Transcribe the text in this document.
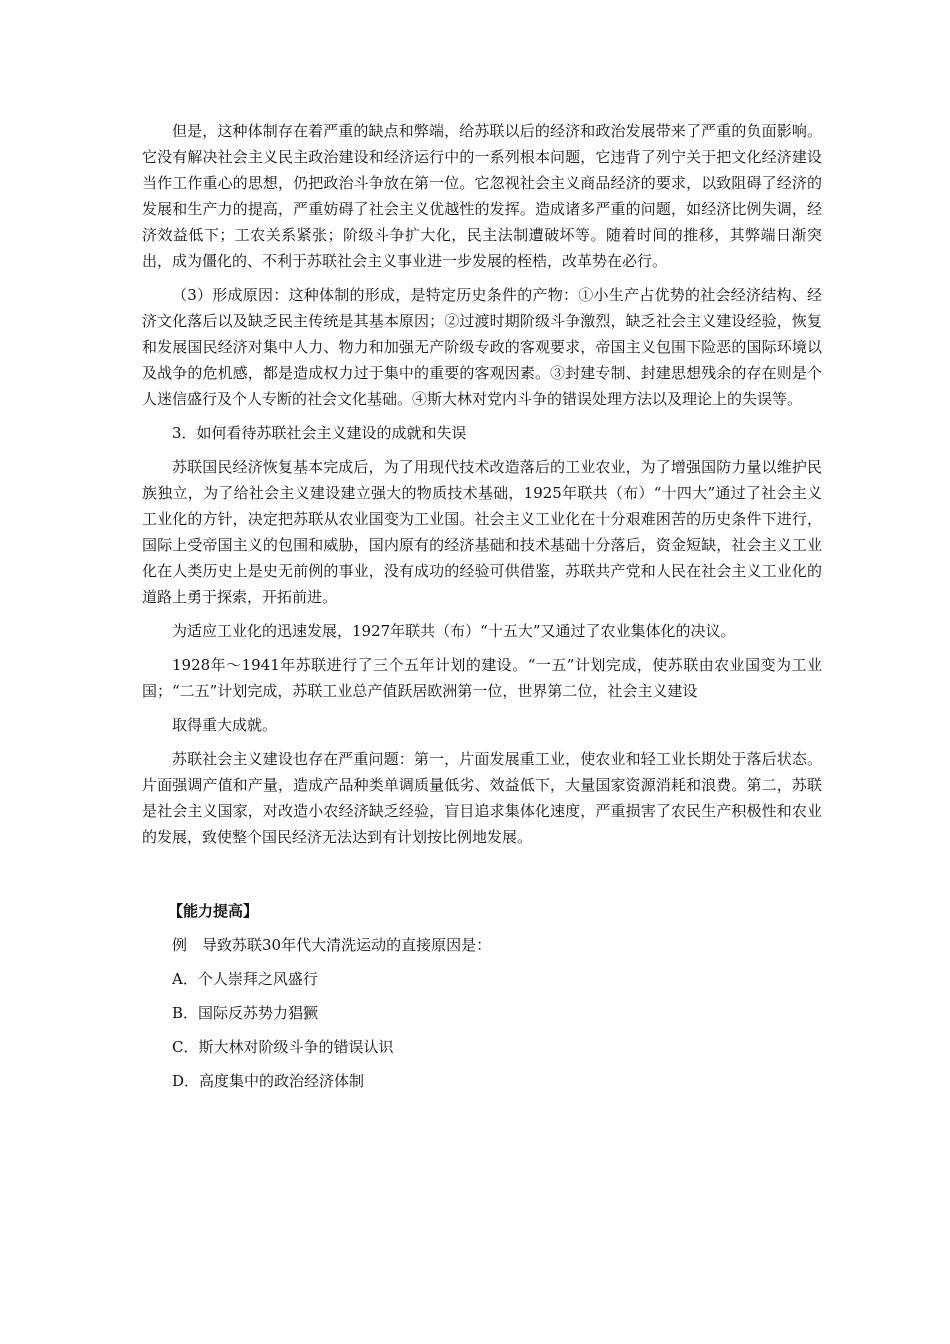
但是，这种体制存在着严重的缺点和弊端，给苏联以后的经济和政治发展带来了严重的负面影响。它没有解决社会主义民主政治建设和经济运行中的一系列根本问题，它违背了列宁关于把文化经济建设当作工作重心的思想，仍把政治斗争放在第一位。它忽视社会主义商品经济的要求，以致阻碍了经济的发展和生产力的提高，严重妨碍了社会主义优越性的发挥。造成诸多严重的问题，如经济比例失调，经济效益低下；工农关系紧张；阶级斗争扩大化，民主法制遭破坏等。随着时间的推移，其弊端日渐突出，成为僵化的、不利于苏联社会主义事业进一步发展的桎梏，改革势在必行。

（3）形成原因：这种体制的形成，是特定历史条件的产物：①小生产占优势的社会经济结构、经济文化落后以及缺乏民主传统是其基本原因；②过渡时期阶级斗争激烈，缺乏社会主义建设经验，恢复和发展国民经济对集中人力、物力和加强无产阶级专政的客观要求，帝国主义包围下险恶的国际环境以及战争的危机感，都是造成权力过于集中的重要的客观因素。③封建专制、封建思想残余的存在则是个人迷信盛行及个人专断的社会文化基础。④斯大林对党内斗争的错误处理方法以及理论上的失误等。

3．如何看待苏联社会主义建设的成就和失误

苏联国民经济恢复基本完成后，为了用现代技术改造落后的工业农业，为了增强国防力量以维护民族独立，为了给社会主义建设建立强大的物质技术基础，1925年联共（布）“十四大”通过了社会主义工业化的方针，决定把苏联从农业国变为工业国。社会主义工业化在十分艰难困苦的历史条件下进行，国际上受帝国主义的包围和威胁，国内原有的经济基础和技术基础十分落后，资金短缺，社会主义工业化在人类历史上是史无前例的事业，没有成功的经验可供借鉴，苏联共产党和人民在社会主义工业化的道路上勇于探索，开拓前进。

为适应工业化的迅速发展，1927年联共（布）“十五大”又通过了农业集体化的决议。

1928年～1941年苏联进行了三个五年计划的建设。“一五”计划完成，使苏联由农业国变为工业国；“二五”计划完成，苏联工业总产值跃居欧洲第一位，世界第二位，社会主义建设

取得重大成就。

苏联社会主义建设也存在严重问题：第一，片面发展重工业，使农业和轻工业长期处于落后状态。片面强调产值和产量，造成产品种类单调质量低劣、效益低下，大量国家资源消耗和浪费。第二，苏联是社会主义国家，对改造小农经济缺乏经验，盲目追求集体化速度，严重损害了农民生产积极性和农业的发展，致使整个国民经济无法达到有计划按比例地发展。

【能力提高】

例　导致苏联30年代大清洗运动的直接原因是：

A．个人崇拜之风盛行

B．国际反苏势力猖獗

C．斯大林对阶级斗争的错误认识

D．高度集中的政治经济体制
